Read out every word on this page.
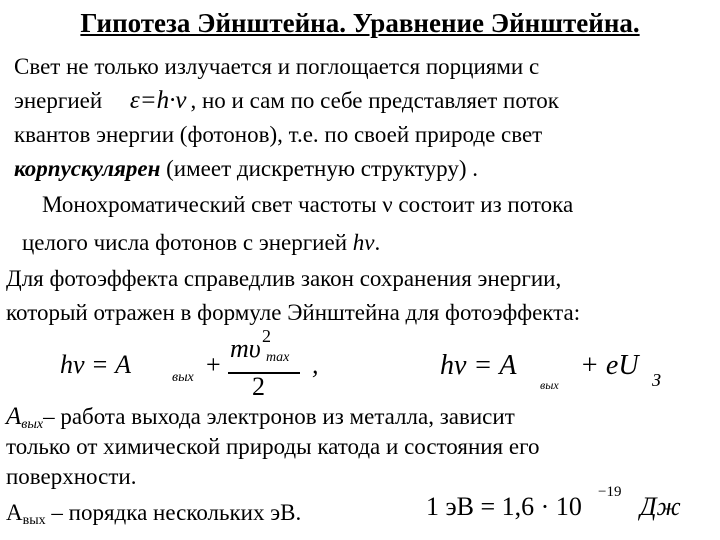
Гипотеза Эйнштейна. Уравнение Эйнштейна.
Свет не только излучается и поглощается порциями с
энергией ε=h·ν , но и сам по себе представляет поток
квантов энергии (фотонов), т.е. по своей природе свет
корпускулярен (имеет дискретную структуру) .
Монохроматический свет частоты ν состоит из потока
целого числа фотонов с энергией hν.
Для фотоэффекта справедлив закон сохранения энергии,
который отражен в формуле Эйнштейна для фотоэффекта:
hν = A	вых +
mυ 2
max
2
,	hν = A
вых
+ eU З
$A_{вых}-$ работа выхода электронов из металла, зависит
только от химической природы катода и состояния его
поверхности.
$А_{вых}$ – порядка нескольких эВ.	1 эВ = 1,6 · 10 −19 Дж
